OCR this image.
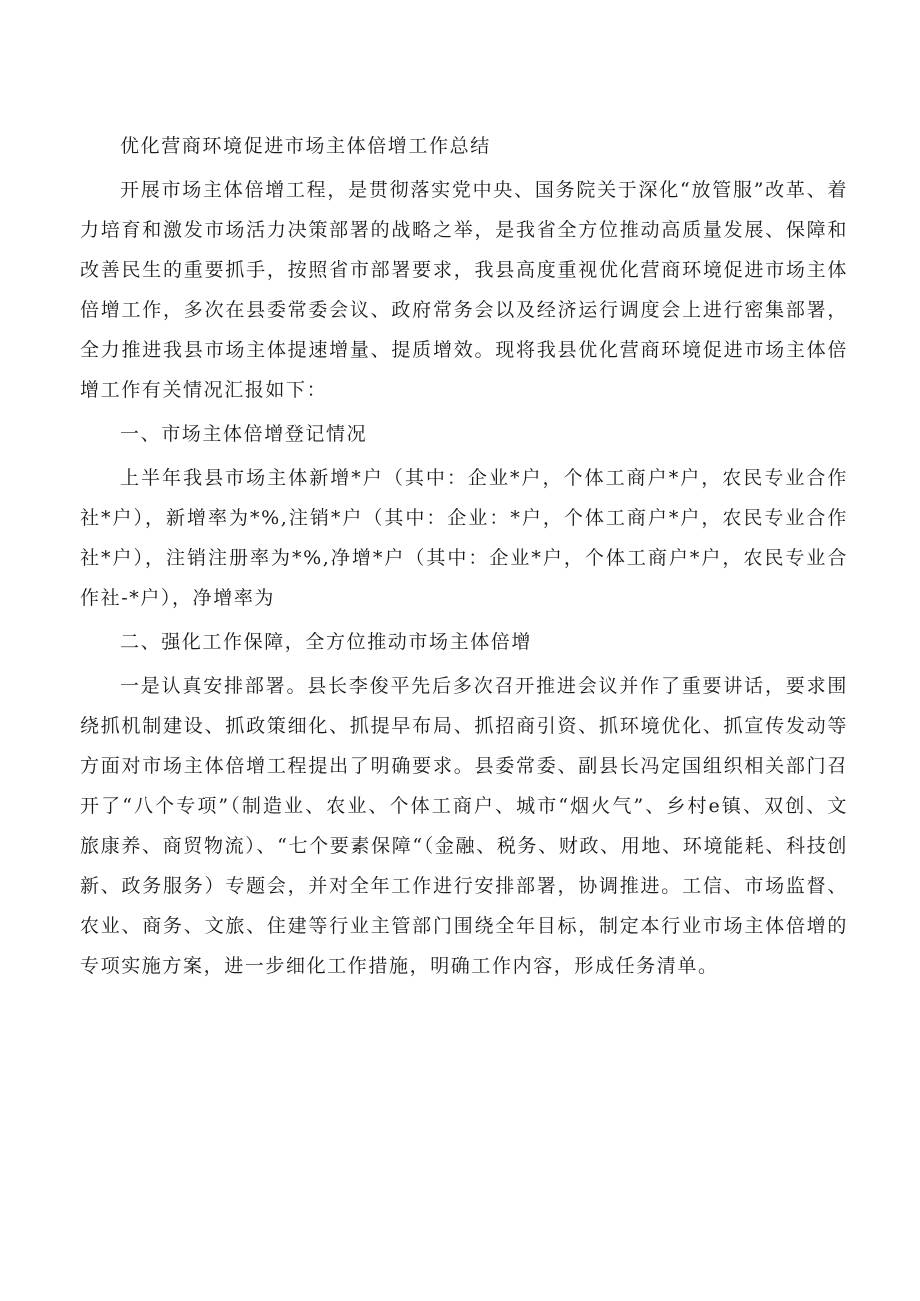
优化营商环境促进市场主体倍增工作总结

开展市场主体倍增工程，是贯彻落实党中央、国务院关于深化“放管服”改革、着力培育和激发市场活力决策部署的战略之举，是我省全方位推动高质量发展、保障和改善民生的重要抓手，按照省市部署要求，我县高度重视优化营商环境促进市场主体倍增工作，多次在县委常委会议、政府常务会以及经济运行调度会上进行密集部署，全力推进我县市场主体提速增量、提质增效。现将我县优化营商环境促进市场主体倍增工作有关情况汇报如下：

一、市场主体倍增登记情况

上半年我县市场主体新增*户（其中：企业*户，个体工商户*户，农民专业合作社*户），新增率为*%,注销*户（其中：企业：*户，个体工商户*户，农民专业合作社*户），注销注册率为*%,净增*户（其中：企业*户，个体工商户*户，农民专业合作社-*户），净增率为

二、强化工作保障，全方位推动市场主体倍增

一是认真安排部署。县长李俊平先后多次召开推进会议并作了重要讲话，要求围绕抓机制建设、抓政策细化、抓提早布局、抓招商引资、抓环境优化、抓宣传发动等方面对市场主体倍增工程提出了明确要求。县委常委、副县长冯定国组织相关部门召开了“八个专项”（制造业、农业、个体工商户、城市“烟火气”、乡村e镇、双创、文旅康养、商贸物流）、“七个要素保障“（金融、税务、财政、用地、环境能耗、科技创新、政务服务）专题会，并对全年工作进行安排部署，协调推进。工信、市场监督、农业、商务、文旅、住建等行业主管部门围绕全年目标，制定本行业市场主体倍增的专项实施方案，进一步细化工作措施，明确工作内容，形成任务清单。
